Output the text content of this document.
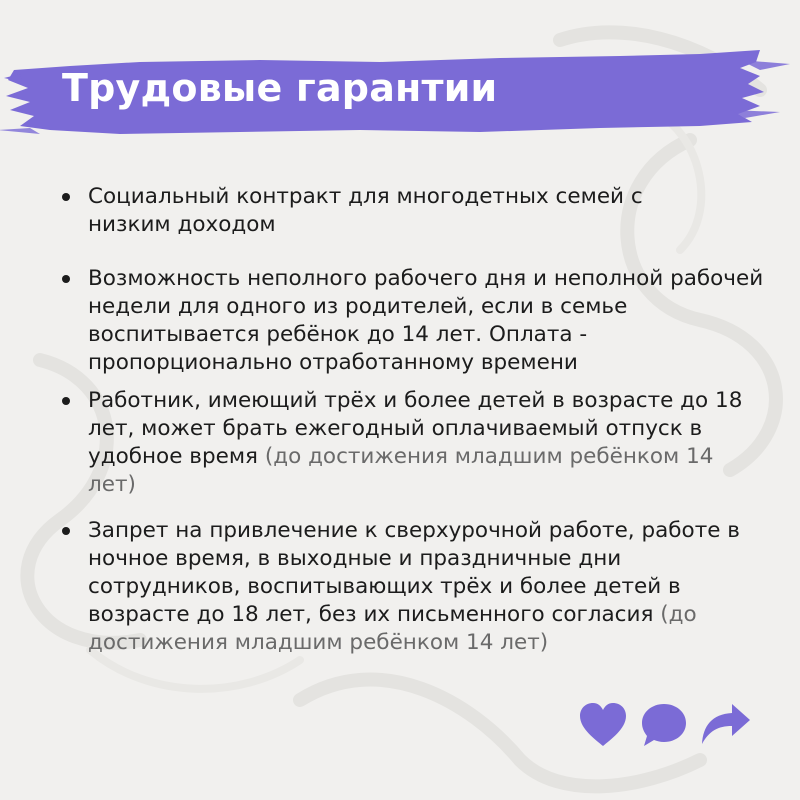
Трудовые гарантии
Социальный контракт для многодетных семей с низким доходом
Возможность неполного рабочего дня и неполной рабочей недели для одного из родителей, если в семье воспитывается ребёнок до 14 лет. Оплата - пропорционально отработанному времени
Работник, имеющий трёх и более детей в возрасте до 18 лет, может брать ежегодный оплачиваемый отпуск в удобное время (до достижения младшим ребёнком 14 лет)
Запрет на привлечение к сверхурочной работе, работе в ночное время, в выходные и праздничные дни сотрудников, воспитывающих трёх и более детей в возрасте до 18 лет, без их письменного согласия (до достижения младшим ребёнком 14 лет)
